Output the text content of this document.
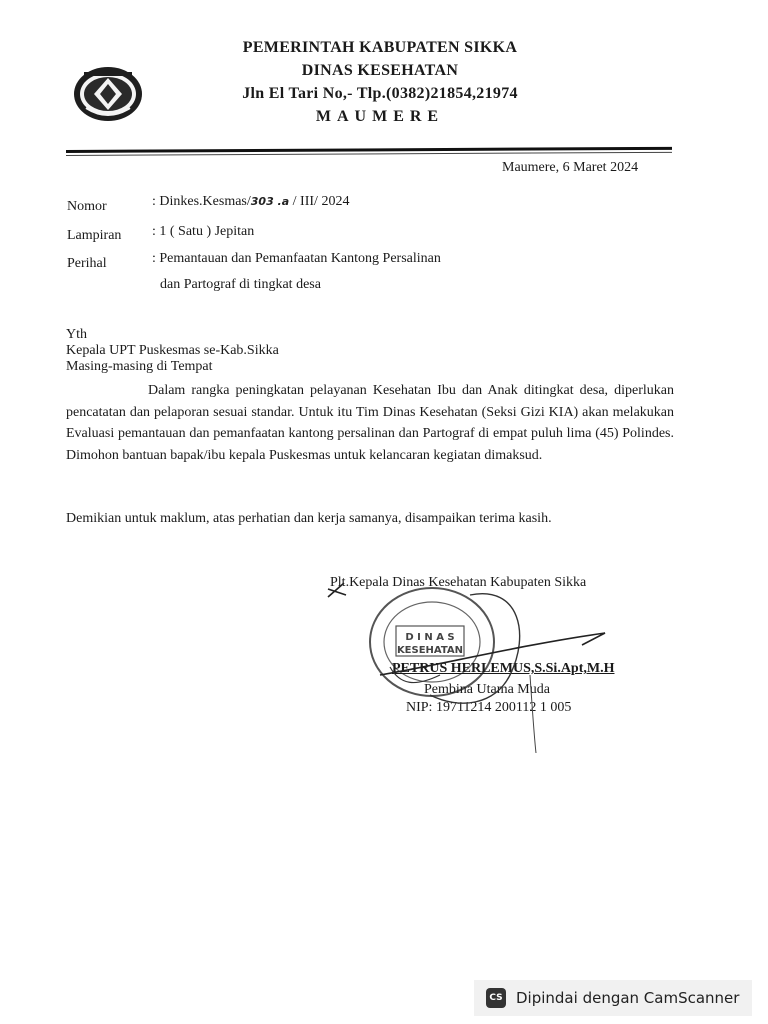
PEMERINTAH KABUPATEN SIKKA
DINAS KESEHATAN
Jln El Tari No,- Tlp.(0382)21854,21974
MAUMERE
Maumere, 6 Maret 2024
Nomor	: Dinkes.Kesmas/303 .a / III/ 2024
Lampiran : 1 ( Satu ) Jepitan
Perihal	: Pemantauan dan Pemanfaatan Kantong Persalinan
dan Partograf di tingkat desa
Yth
Kepala UPT Puskesmas se-Kab.Sikka
Masing-masing di Tempat
Dalam rangka peningkatan pelayanan Kesehatan Ibu dan Anak ditingkat desa, diperlukan pencatatan dan pelaporan sesuai standar. Untuk itu Tim Dinas Kesehatan (Seksi Gizi KIA) akan melakukan Evaluasi pemantauan dan pemanfaatan kantong persalinan dan Partograf di empat puluh lima (45) Polindes. Dimohon bantuan bapak/ibu kepala Puskesmas untuk kelancaran kegiatan dimaksud.
Demikian untuk maklum, atas perhatian dan kerja samanya, disampaikan terima kasih.
D I N A S
KESEHATAN
Plt.Kepala Dinas Kesehatan Kabupaten Sikka
PETRUS HERLEMUS,S.Si.Apt,M.H
Pembina Utama Muda
NIP: 19711214 200112 1 005
CS Dipindai dengan CamScanner
